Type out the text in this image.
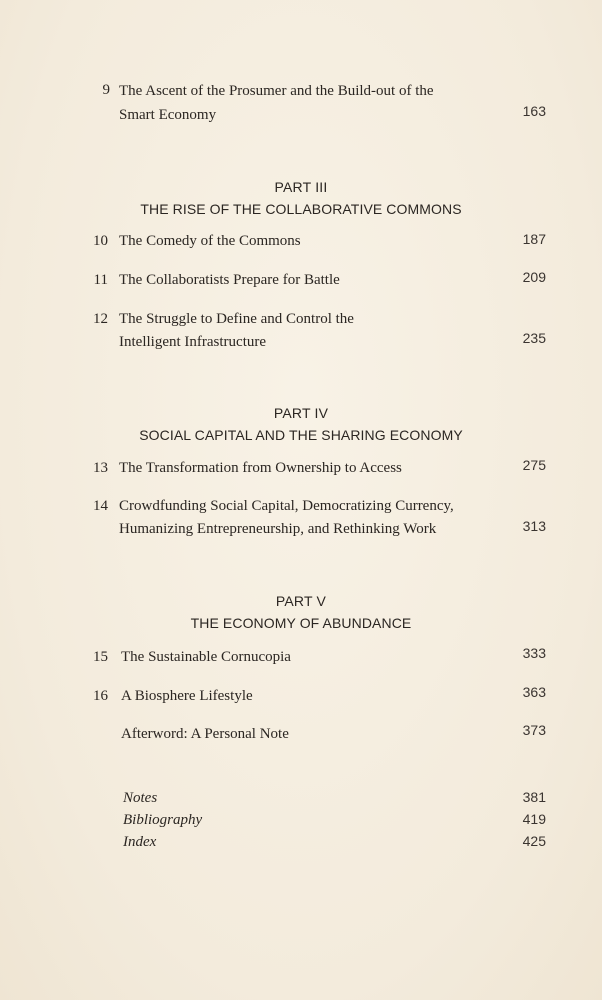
9 The Ascent of the Prosumer and the Build-out of the
Smart Economy	163
PART III
THE RISE OF THE COLLABORATIVE COMMONS
10 The Comedy of the Commons	187
11 The Collaboratists Prepare for Battle	209
12 The Struggle to Define and Control the
Intelligent Infrastructure	235
PART IV
SOCIAL CAPITAL AND THE SHARING ECONOMY
13 The Transformation from Ownership to Access	275
14 Crowdfunding Social Capital, Democratizing Currency,
Humanizing Entrepreneurship, and Rethinking Work	313
PART V
THE ECONOMY OF ABUNDANCE
15 The Sustainable Cornucopia	333
16 A Biosphere Lifestyle	363
Afterword: A Personal Note	373
Notes	381
Bibliography	419
Index	425
